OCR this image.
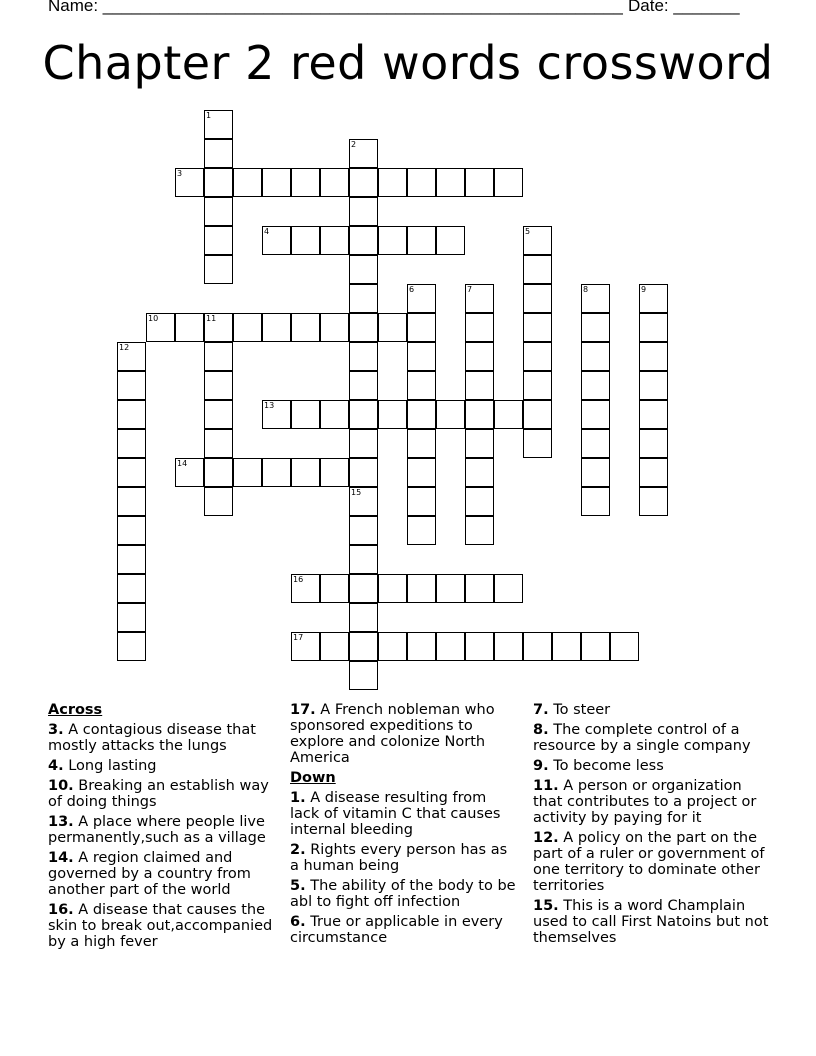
Name: _______________________________________________________ Date: _______
Chapter 2 red words crossword
1
2
15
3
4	5
6	7	8	9
10	11
12
13
14
16
17
Across
3. A contagious disease that mostly attacks the lungs
4. Long lasting
10. Breaking an establish way of doing things
13. A place where people live permanently,such as a village
14. A region claimed and governed by a country from another part of the world
16. A disease that causes the skin to break out,accompanied by a high fever
17. A French nobleman who sponsored expeditions to explore and colonize North America
Down
1. A disease resulting from lack of vitamin C that causes internal bleeding
2. Rights every person has as a human being
5. The ability of the body to be abl to fight off infection
6. True or applicable in every circumstance
7. To steer
8. The complete control of a resource by a single company
9. To become less
11. A person or organization that contributes to a project or activity by paying for it
12. A policy on the part on the part of a ruler or government of one territory to dominate other territories
15. This is a word Champlain used to call First Natoins but not themselves
